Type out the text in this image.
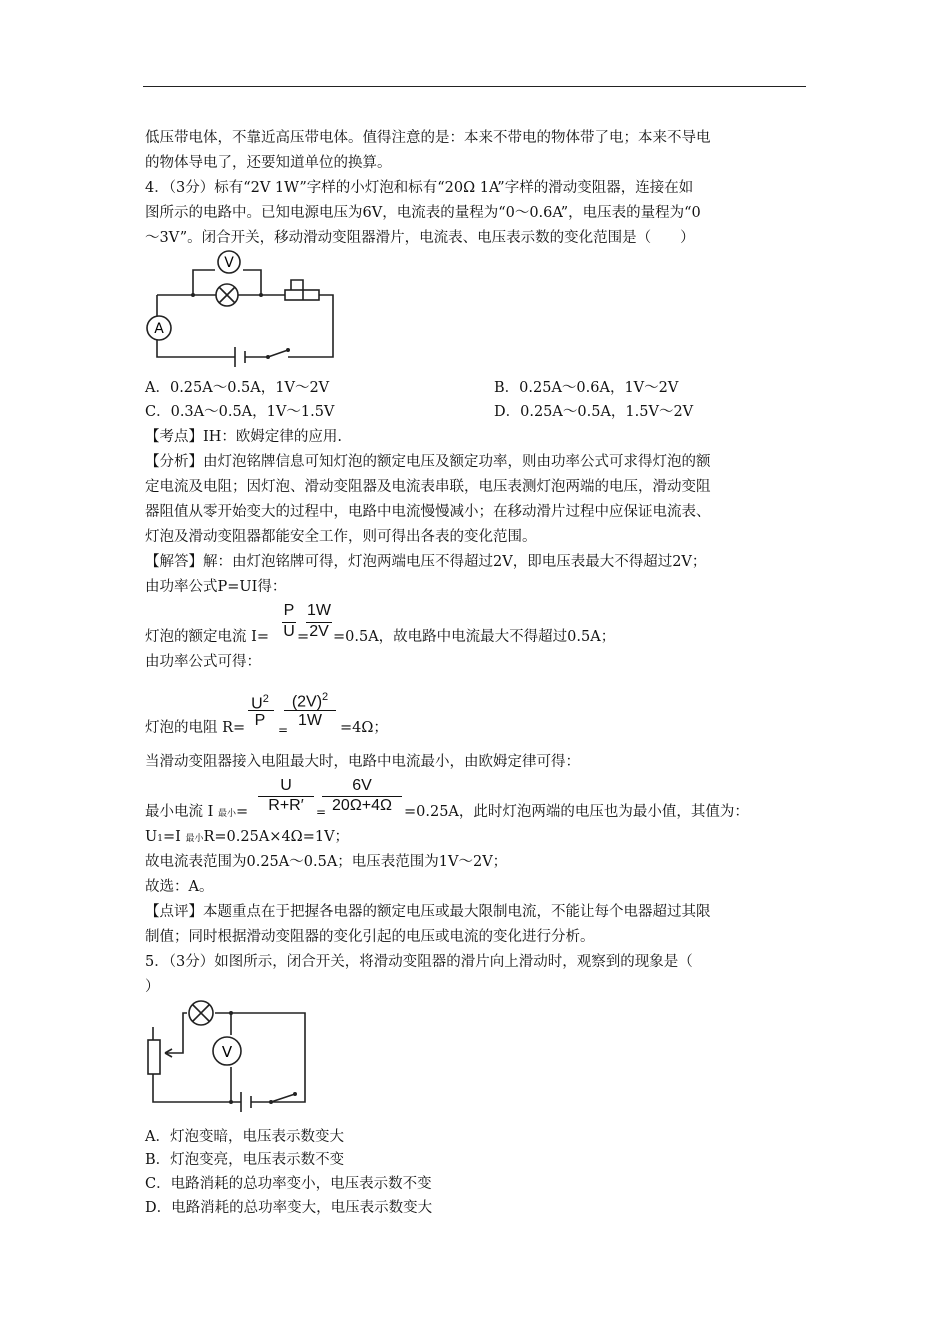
低压带电体，不靠近高压带电体。值得注意的是：本来不带电的物体带了电；本来不导电
的物体导电了，还要知道单位的换算。
4．（3分）标有“2V 1W”字样的小灯泡和标有“20Ω 1A”字样的滑动变阻器，连接在如
图所示的电路中。已知电源电压为6V，电流表的量程为“0～0.6A”，电压表的量程为“0
～3V”。闭合开关，移动滑动变阻器滑片，电流表、电压表示数的变化范围是（　　）
V
A
A．0.25A～0.5A，1V～2V	B．0.25A～0.6A，1V～2V
C．0.3A～0.5A，1V～1.5V	D．0.25A～0.5A，1.5V～2V
【考点】IH：欧姆定律的应用.
【分析】由灯泡铭牌信息可知灯泡的额定电压及额定功率，则由功率公式可求得灯泡的额
定电流及电阻；因灯泡、滑动变阻器及电流表串联，电压表测灯泡两端的电压，滑动变阻
器阻值从零开始变大的过程中，电路中电流慢慢减小；在移动滑片过程中应保证电流表、
灯泡及滑动变阻器都能安全工作，则可得出各表的变化范围。
【解答】解：由灯泡铭牌可得，灯泡两端电压不得超过2V，即电压表最大不得超过2V；
由功率公式P=UI得：
灯泡的额定电流 I=
P
U =
1W
2V =0.5A，故电路中电流最大不得超过0.5A；
由功率公式可得：
灯泡的电阻 R=
$U^2$
P
=
$(2V)^2$
1W	=4Ω；
当滑动变阻器接入电阻最大时，电路中电流最小，由欧姆定律可得：
最小电流 I 最小=
U
R+R′	=
6V
20Ω+4Ω =0.25A，此时灯泡两端的电压也为最小值，其值为：
U1=I 最小R=0.25A×4Ω=1V；
故电流表范围为0.25A～0.5A；电压表范围为1V～2V；
故选：A。
【点评】本题重点在于把握各电器的额定电压或最大限制电流，不能让每个电器超过其限
制值；同时根据滑动变阻器的变化引起的电压或电流的变化进行分析。
5．（3分）如图所示，闭合开关，将滑动变阻器的滑片向上滑动时，观察到的现象是（
）
V
A．灯泡变暗，电压表示数变大
B．灯泡变亮，电压表示数不变
C．电路消耗的总功率变小，电压表示数不变
D．电路消耗的总功率变大，电压表示数变大
